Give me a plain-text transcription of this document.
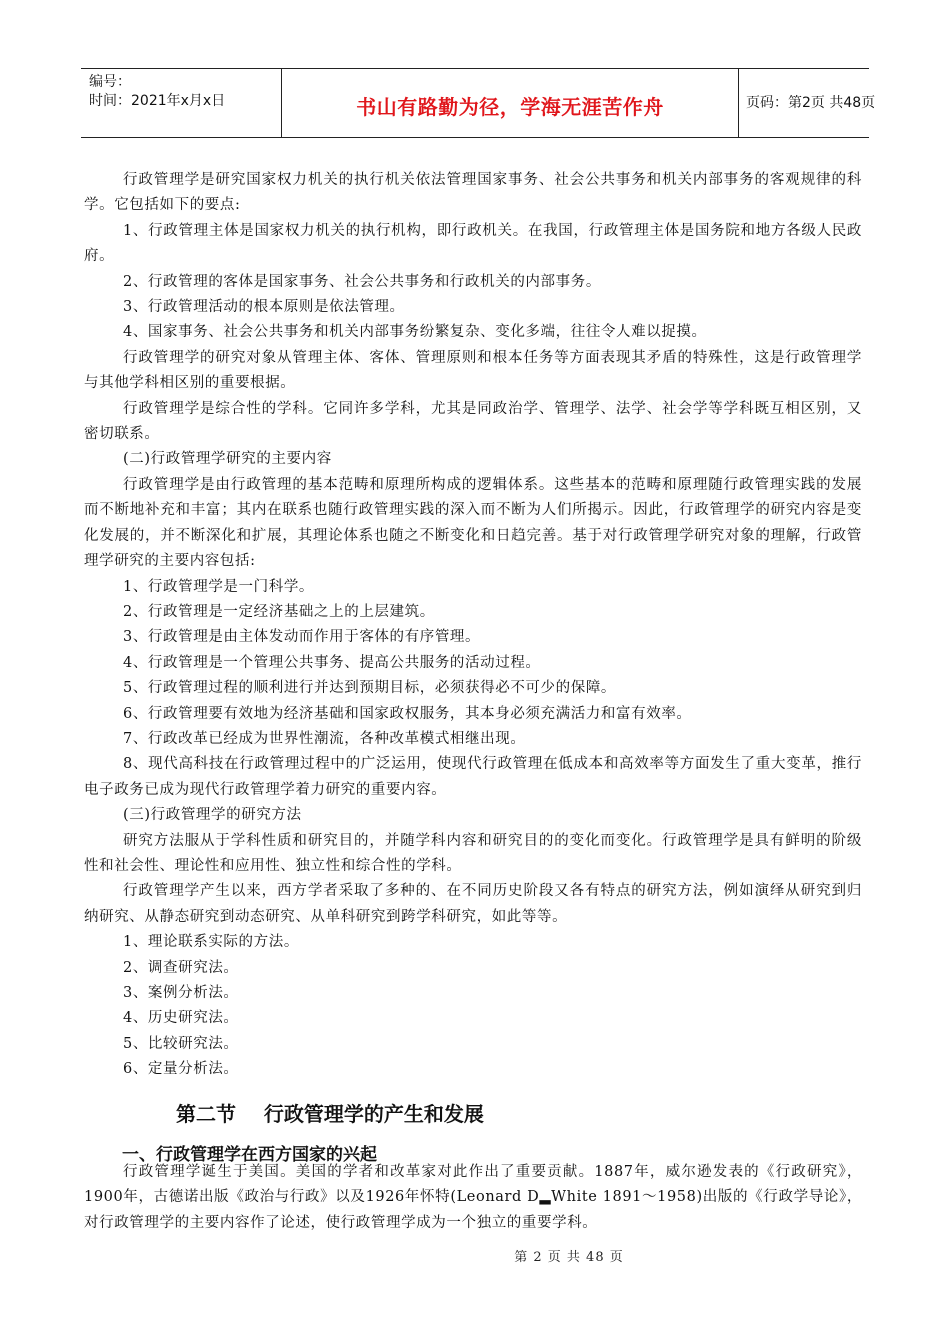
编号：
时间：2021年x月x日	书山有路勤为径，学海无涯苦作舟	页码：第2页 共48页

行政管理学是研究国家权力机关的执行机关依法管理国家事务、社会公共事务和机关内部事务的客观规律的科学。它包括如下的要点:

1、行政管理主体是国家权力机关的执行机构，即行政机关。在我国，行政管理主体是国务院和地方各级人民政府。

2、行政管理的客体是国家事务、社会公共事务和行政机关的内部事务。

3、行政管理活动的根本原则是依法管理。

4、国家事务、社会公共事务和机关内部事务纷繁复杂、变化多端，往往令人难以捉摸。

行政管理学的研究对象从管理主体、客体、管理原则和根本任务等方面表现其矛盾的特殊性，这是行政管理学与其他学科相区别的重要根据。

行政管理学是综合性的学科。它同许多学科，尤其是同政治学、管理学、法学、社会学等学科既互相区别，又密切联系。

(二)行政管理学研究的主要内容

行政管理学是由行政管理的基本范畴和原理所构成的逻辑体系。这些基本的范畴和原理随行政管理实践的发展而不断地补充和丰富；其内在联系也随行政管理实践的深入而不断为人们所揭示。因此，行政管理学的研究内容是变化发展的，并不断深化和扩展，其理论体系也随之不断变化和日趋完善。基于对行政管理学研究对象的理解，行政管理学研究的主要内容包括:

1、行政管理学是一门科学。

2、行政管理是一定经济基础之上的上层建筑。

3、行政管理是由主体发动而作用于客体的有序管理。

4、行政管理是一个管理公共事务、提高公共服务的活动过程。

5、行政管理过程的顺利进行并达到预期目标，必须获得必不可少的保障。

6、行政管理要有效地为经济基础和国家政权服务，其本身必须充满活力和富有效率。

7、行政改革已经成为世界性潮流，各种改革模式相继出现。

8、现代高科技在行政管理过程中的广泛运用，使现代行政管理在低成本和高效率等方面发生了重大变革，推行电子政务已成为现代行政管理学着力研究的重要内容。

(三)行政管理学的研究方法

研究方法服从于学科性质和研究目的，并随学科内容和研究目的的变化而变化。行政管理学是具有鲜明的阶级性和社会性、理论性和应用性、独立性和综合性的学科。

行政管理学产生以来，西方学者采取了多种的、在不同历史阶段又各有特点的研究方法，例如演绎从研究到归纳研究、从静态研究到动态研究、从单科研究到跨学科研究，如此等等。

1、理论联系实际的方法。

2、调查研究法。

3、案例分析法。

4、历史研究法。

5、比较研究法。

6、定量分析法。

第二节    行政管理学的产生和发展
一、行政管理学在西方国家的兴起

行政管理学诞生于美国。美国的学者和改革家对此作出了重要贡献。1887年，威尔逊发表的《行政研究》，1900年，古德诺出版《政治与行政》以及1926年怀特(Leonard D▂White 1891～1958)出版的《行政学导论》，对行政管理学的主要内容作了论述，使行政管理学成为一个独立的重要学科。

第 2 页 共 48 页
